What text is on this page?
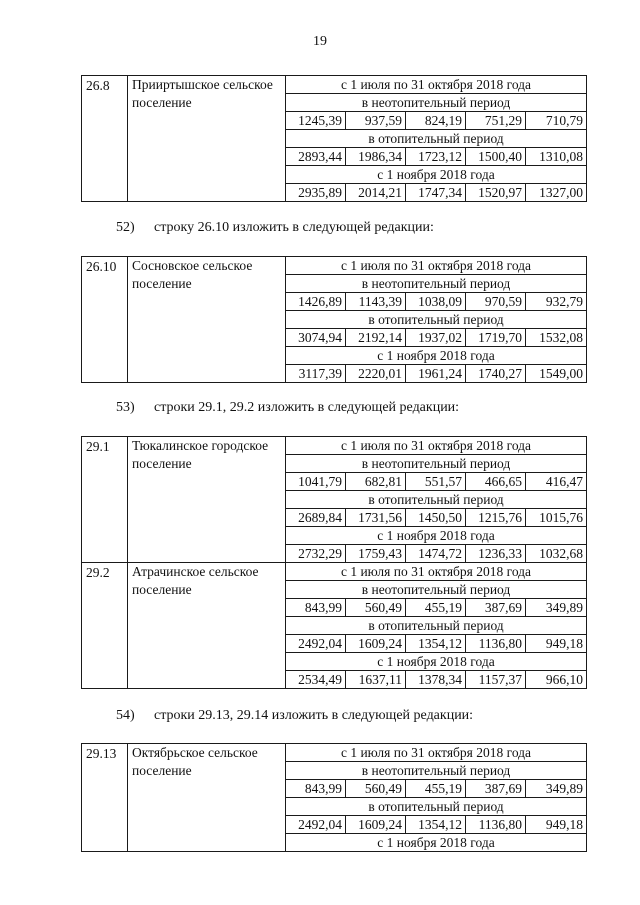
19
26.8	Прииртышское сельское поселение	с 1 июля по 31 октября 2018 года				
		в неотопительный период				
		1245,39	937,59	824,19	751,29	710,79
		в отопительный период				
		2893,44	1986,34	1723,12	1500,40	1310,08
		с 1 ноября 2018 года				
		2935,89	2014,21	1747,34	1520,97	1327,00
52) строку 26.10 изложить в следующей редакции:
26.10	Сосновское сельское поселение	с 1 июля по 31 октября 2018 года				
		в неотопительный период				
		1426,89	1143,39	1038,09	970,59	932,79
		в отопительный период				
		3074,94	2192,14	1937,02	1719,70	1532,08
		с 1 ноября 2018 года				
		3117,39	2220,01	1961,24	1740,27	1549,00
53) строки 29.1, 29.2 изложить в следующей редакции:
29.1	Тюкалинское городское поселение	с 1 июля по 31 октября 2018 года				
		в неотопительный период				
		1041,79	682,81	551,57	466,65	416,47
		в отопительный период				
		2689,84	1731,56	1450,50	1215,76	1015,76
		с 1 ноября 2018 года				
		2732,29	1759,43	1474,72	1236,33	1032,68
29.2	Атрачинское сельское поселение	с 1 июля по 31 октября 2018 года				
		в неотопительный период				
		843,99	560,49	455,19	387,69	349,89
		в отопительный период				
		2492,04	1609,24	1354,12	1136,80	949,18
		с 1 ноября 2018 года				
		2534,49	1637,11	1378,34	1157,37	966,10
54) строки 29.13, 29.14 изложить в следующей редакции:
29.13	Октябрьское сельское поселение	с 1 июля по 31 октября 2018 года				
		в неотопительный период				
		843,99	560,49	455,19	387,69	349,89
		в отопительный период				
		2492,04	1609,24	1354,12	1136,80	949,18
		с 1 ноября 2018 года				
